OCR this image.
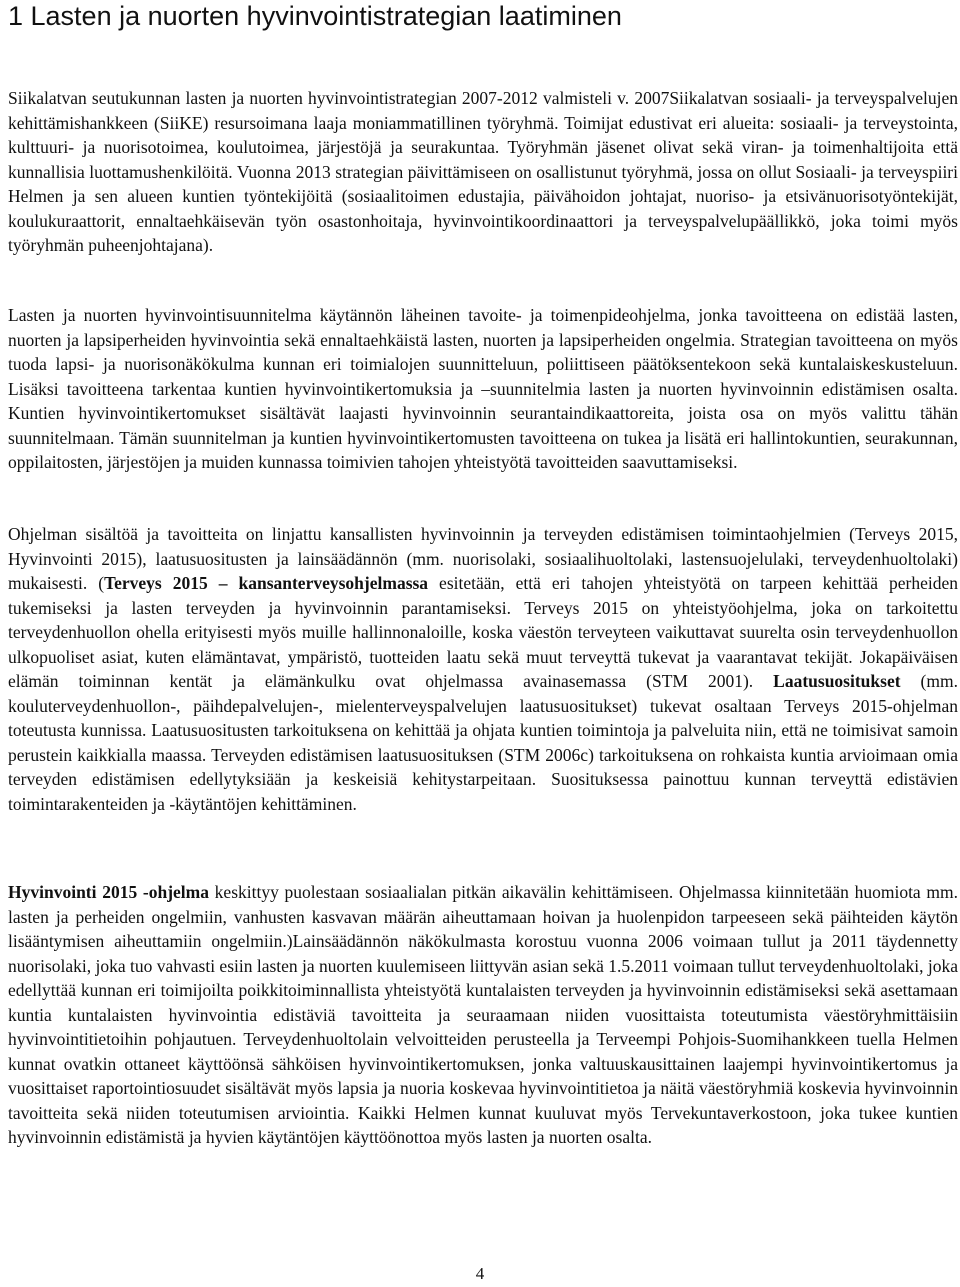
1 Lasten ja nuorten hyvinvointistrategian laatiminen

Siikalatvan seutukunnan lasten ja nuorten hyvinvointistrategian 2007-2012 valmisteli v. 2007Siikalatvan sosiaali- ja terveyspalvelujen kehittämishankkeen (SiiKE) resursoimana laaja moniammatillinen työryhmä. Toimijat edustivat eri alueita: sosiaali- ja terveystointa, kulttuuri- ja nuorisotoimea, koulutoimea, järjestöjä ja seurakuntaa. Työryhmän jäsenet olivat sekä viran- ja toimenhaltijoita että kunnallisia luottamushenkilöitä. Vuonna 2013 strategian päivittämiseen on osallistunut työryhmä, jossa on ollut Sosiaali- ja terveyspiiri Helmen ja sen alueen kuntien työntekijöitä (sosiaalitoimen edustajia, päivähoidon johtajat, nuoriso- ja etsivänuorisotyöntekijät, koulukuraattorit, ennaltaehkäisevän työn osastonhoitaja, hyvinvointikoordinaattori ja terveyspalvelupäällikkö, joka toimi myös työryhmän puheenjohtajana).

Lasten ja nuorten hyvinvointisuunnitelma käytännön läheinen tavoite- ja toimenpideohjelma, jonka tavoitteena on edistää lasten, nuorten ja lapsiperheiden hyvinvointia sekä ennaltaehkäistä lasten, nuorten ja lapsiperheiden ongelmia. Strategian tavoitteena on myös tuoda lapsi- ja nuorisonäkökulma kunnan eri toimialojen suunnitteluun, poliittiseen päätöksentekoon sekä kuntalaiskeskusteluun. Lisäksi tavoitteena tarkentaa kuntien hyvinvointikertomuksia ja –suunnitelmia lasten ja nuorten hyvinvoinnin edistämisen osalta. Kuntien hyvinvointikertomukset sisältävät laajasti hyvinvoinnin seurantaindikaattoreita, joista osa on myös valittu tähän suunnitelmaan. Tämän suunnitelman ja kuntien hyvinvointikertomusten tavoitteena on tukea ja lisätä eri hallintokuntien, seurakunnan, oppilaitosten, järjestöjen ja muiden kunnassa toimivien tahojen yhteistyötä tavoitteiden saavuttamiseksi.

Ohjelman sisältöä ja tavoitteita on linjattu kansallisten hyvinvoinnin ja terveyden edistämisen toimintaohjelmien (Terveys 2015, Hyvinvointi 2015), laatusuositusten ja lainsäädännön (mm. nuorisolaki, sosiaalihuoltolaki, lastensuojelulaki, terveydenhuoltolaki) mukaisesti. (Terveys 2015 – kansanterveysohjelmassa esitetään, että eri tahojen yhteistyötä on tarpeen kehittää perheiden tukemiseksi ja lasten terveyden ja hyvinvoinnin parantamiseksi. Terveys 2015 on yhteistyöohjelma, joka on tarkoitettu terveydenhuollon ohella erityisesti myös muille hallinnonaloille, koska väestön terveyteen vaikuttavat suurelta osin terveydenhuollon ulkopuoliset asiat, kuten elämäntavat, ympäristö, tuotteiden laatu sekä muut terveyttä tukevat ja vaarantavat tekijät. Jokapäiväisen elämän toiminnan kentät ja elämänkulku ovat ohjelmassa avainasemassa (STM 2001). Laatusuositukset (mm. kouluterveydenhuollon-, päihdepalvelujen-, mielenterveyspalvelujen laatusuositukset) tukevat osaltaan Terveys 2015-ohjelman toteutusta kunnissa. Laatusuositusten tarkoituksena on kehittää ja ohjata kuntien toimintoja ja palveluita niin, että ne toimisivat samoin perustein kaikkialla maassa. Terveyden edistämisen laatusuosituksen (STM 2006c) tarkoituksena on rohkaista kuntia arvioimaan omia terveyden edistämisen edellytyksiään ja keskeisiä kehitystarpeitaan. Suosituksessa painottuu kunnan terveyttä edistävien toimintarakenteiden ja -käytäntöjen kehittäminen.

Hyvinvointi 2015 -ohjelma keskittyy puolestaan sosiaalialan pitkän aikavälin kehittämiseen. Ohjelmassa kiinnitetään huomiota mm. lasten ja perheiden ongelmiin, vanhusten kasvavan määrän aiheuttamaan hoivan ja huolenpidon tarpeeseen sekä päihteiden käytön lisääntymisen aiheuttamiin ongelmiin.)Lainsäädännön näkökulmasta korostuu vuonna 2006 voimaan tullut ja 2011 täydennetty nuorisolaki, joka tuo vahvasti esiin lasten ja nuorten kuulemiseen liittyvän asian sekä 1.5.2011 voimaan tullut terveydenhuoltolaki, joka edellyttää kunnan eri toimijoilta poikkitoiminnallista yhteistyötä kuntalaisten terveyden ja hyvinvoinnin edistämiseksi sekä asettamaan kuntia kuntalaisten hyvinvointia edistäviä tavoitteita ja seuraamaan niiden vuosittaista toteutumista väestöryhmittäisiin hyvinvointitietoihin pohjautuen. Terveydenhuoltolain velvoitteiden perusteella ja Terveempi Pohjois-Suomihankkeen tuella Helmen kunnat ovatkin ottaneet käyttöönsä sähköisen hyvinvointikertomuksen, jonka valtuuskausittainen laajempi hyvinvointikertomus ja vuosittaiset raportointiosuudet sisältävät myös lapsia ja nuoria koskevaa hyvinvointitietoa ja näitä väestöryhmiä koskevia hyvinvoinnin tavoitteita sekä niiden toteutumisen arviointia. Kaikki Helmen kunnat kuuluvat myös Tervekuntaverkostoon, joka tukee kuntien hyvinvoinnin edistämistä ja hyvien käytäntöjen käyttöönottoa myös lasten ja nuorten osalta.

4
